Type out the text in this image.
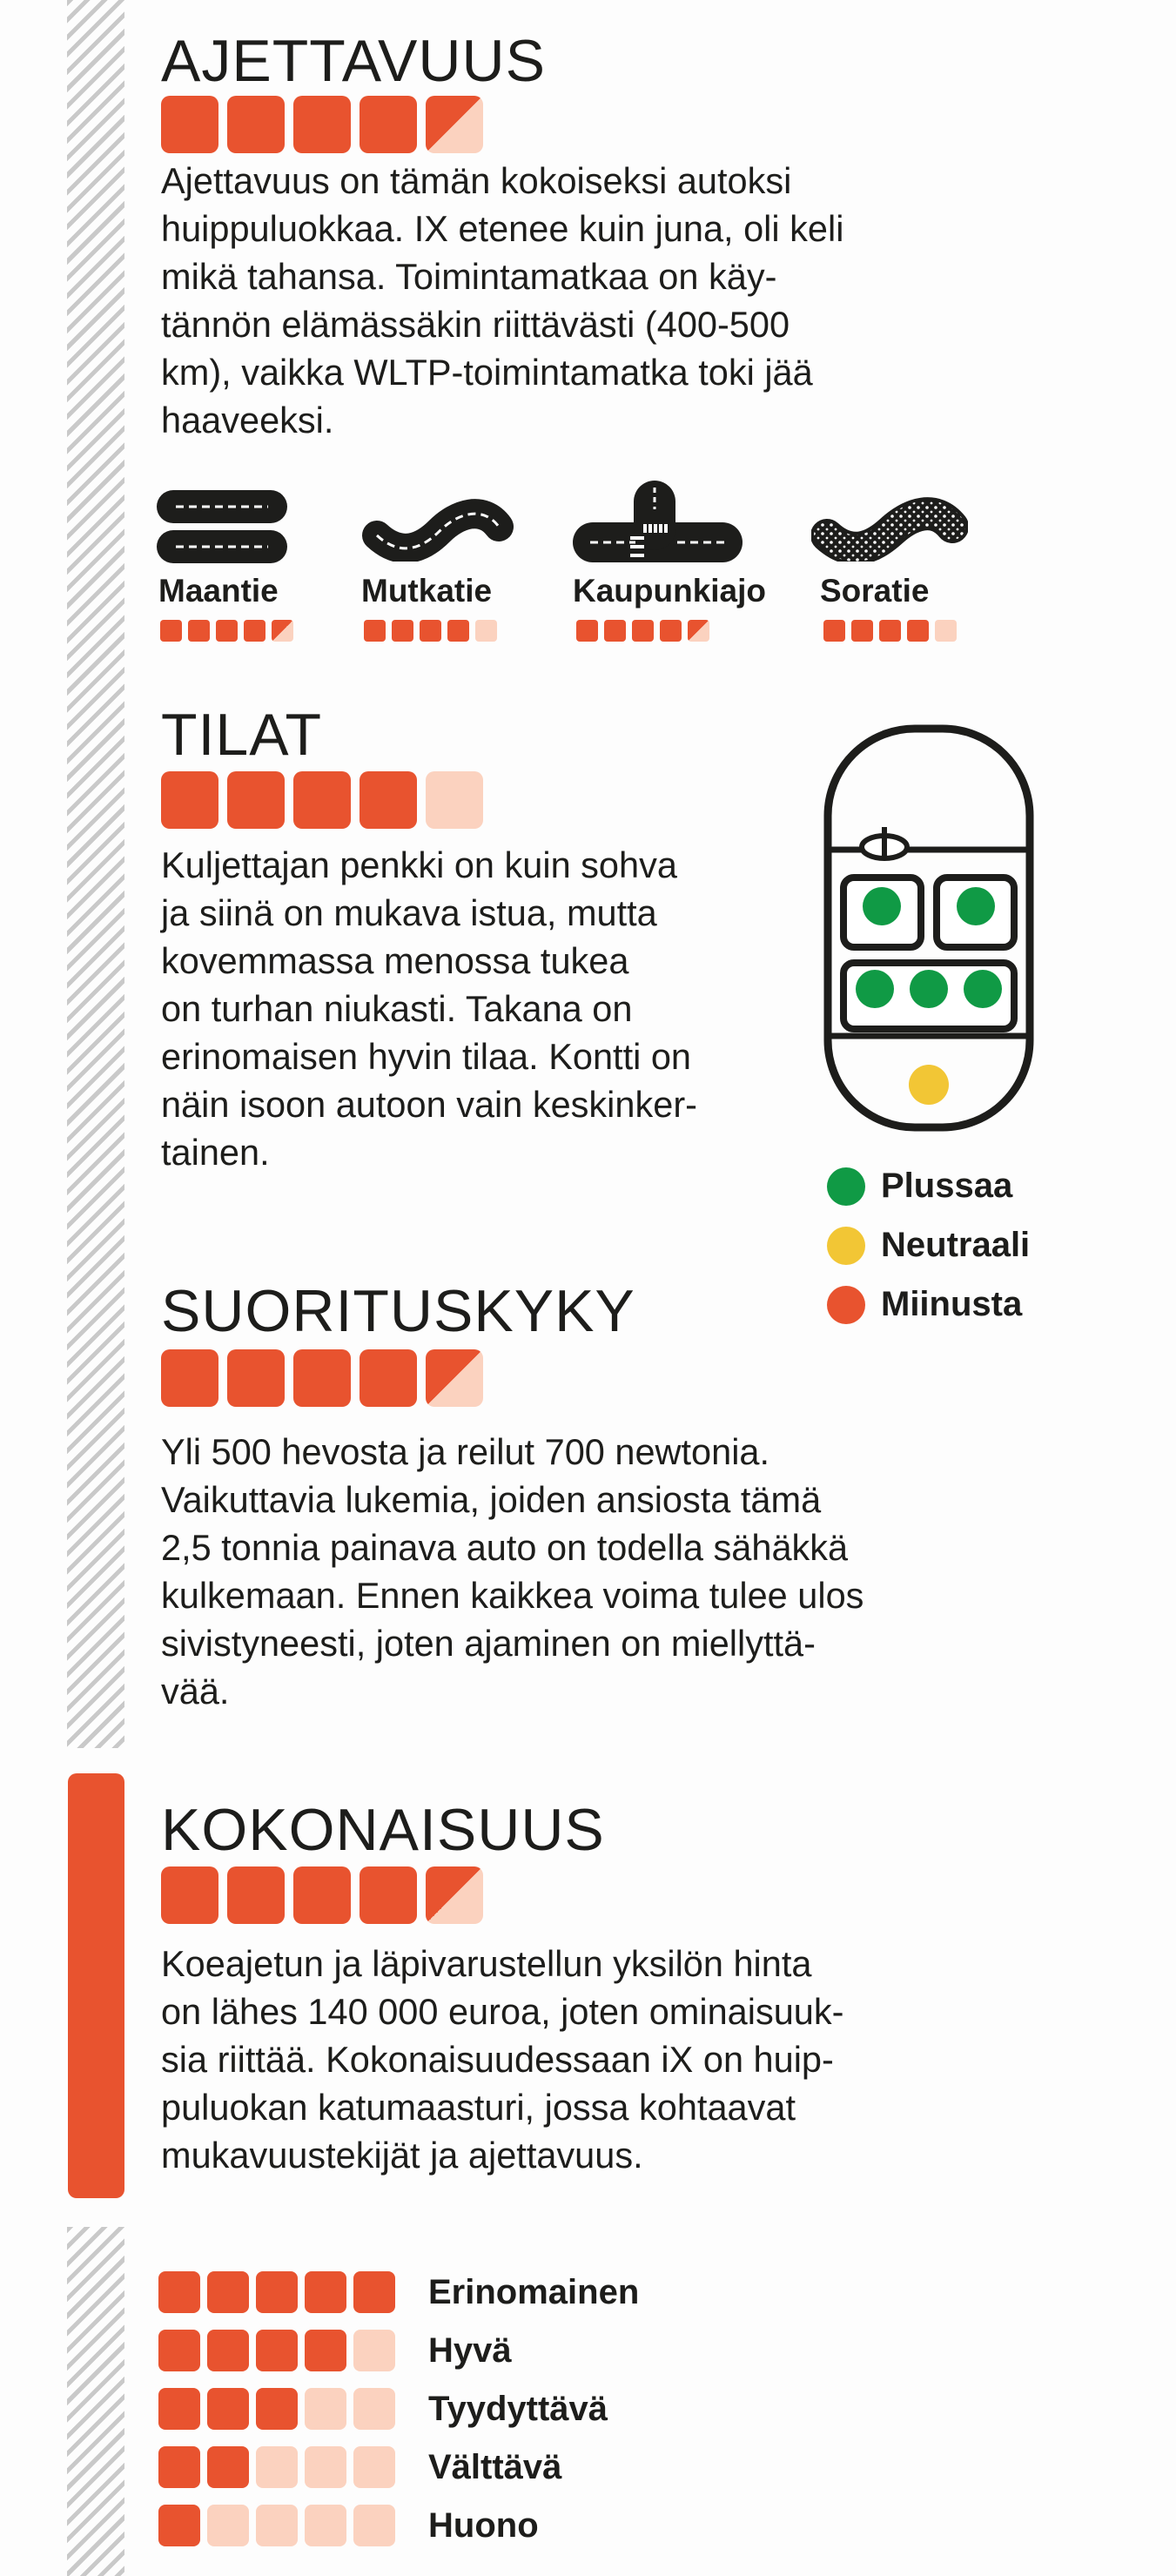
AJETTAVUUS
Ajettavuus on tämän kokoiseksi autoksi
huippuluokkaa. IX etenee kuin juna, oli keli
mikä tahansa. Toimintamatkaa on käy-
tännön elämässäkin riittävästi (400-500
km), vaikka WLTP-toimintamatka toki jää
haaveeksi.
Maantie	Mutkatie	Kaupunkiajo Soratie
TILAT
Kuljettajan penkki on kuin sohva
ja siinä on mukava istua, mutta
kovemmassa menossa tukea
on turhan niukasti. Takana on
erinomaisen hyvin tilaa. Kontti on
näin isoon autoon vain keskinker-
tainen.
Plussaa
Neutraali
Miinusta
SUORITUSKYKY
Yli 500 hevosta ja reilut 700 newtonia.
Vaikuttavia lukemia, joiden ansiosta tämä
2,5 tonnia painava auto on todella sähäkkä
kulkemaan. Ennen kaikkea voima tulee ulos
sivistyneesti, joten ajaminen on miellyttä-
vää.
KOKONAISUUS
Koeajetun ja läpivarustellun yksilön hinta
on lähes 140 000 euroa, joten ominaisuuk-
sia riittää. Kokonaisuudessaan iX on huip-
puluokan katumaasturi, jossa kohtaavat
mukavuustekijät ja ajettavuus.
Erinomainen
Hyvä
Tyydyttävä
Välttävä
Huono
